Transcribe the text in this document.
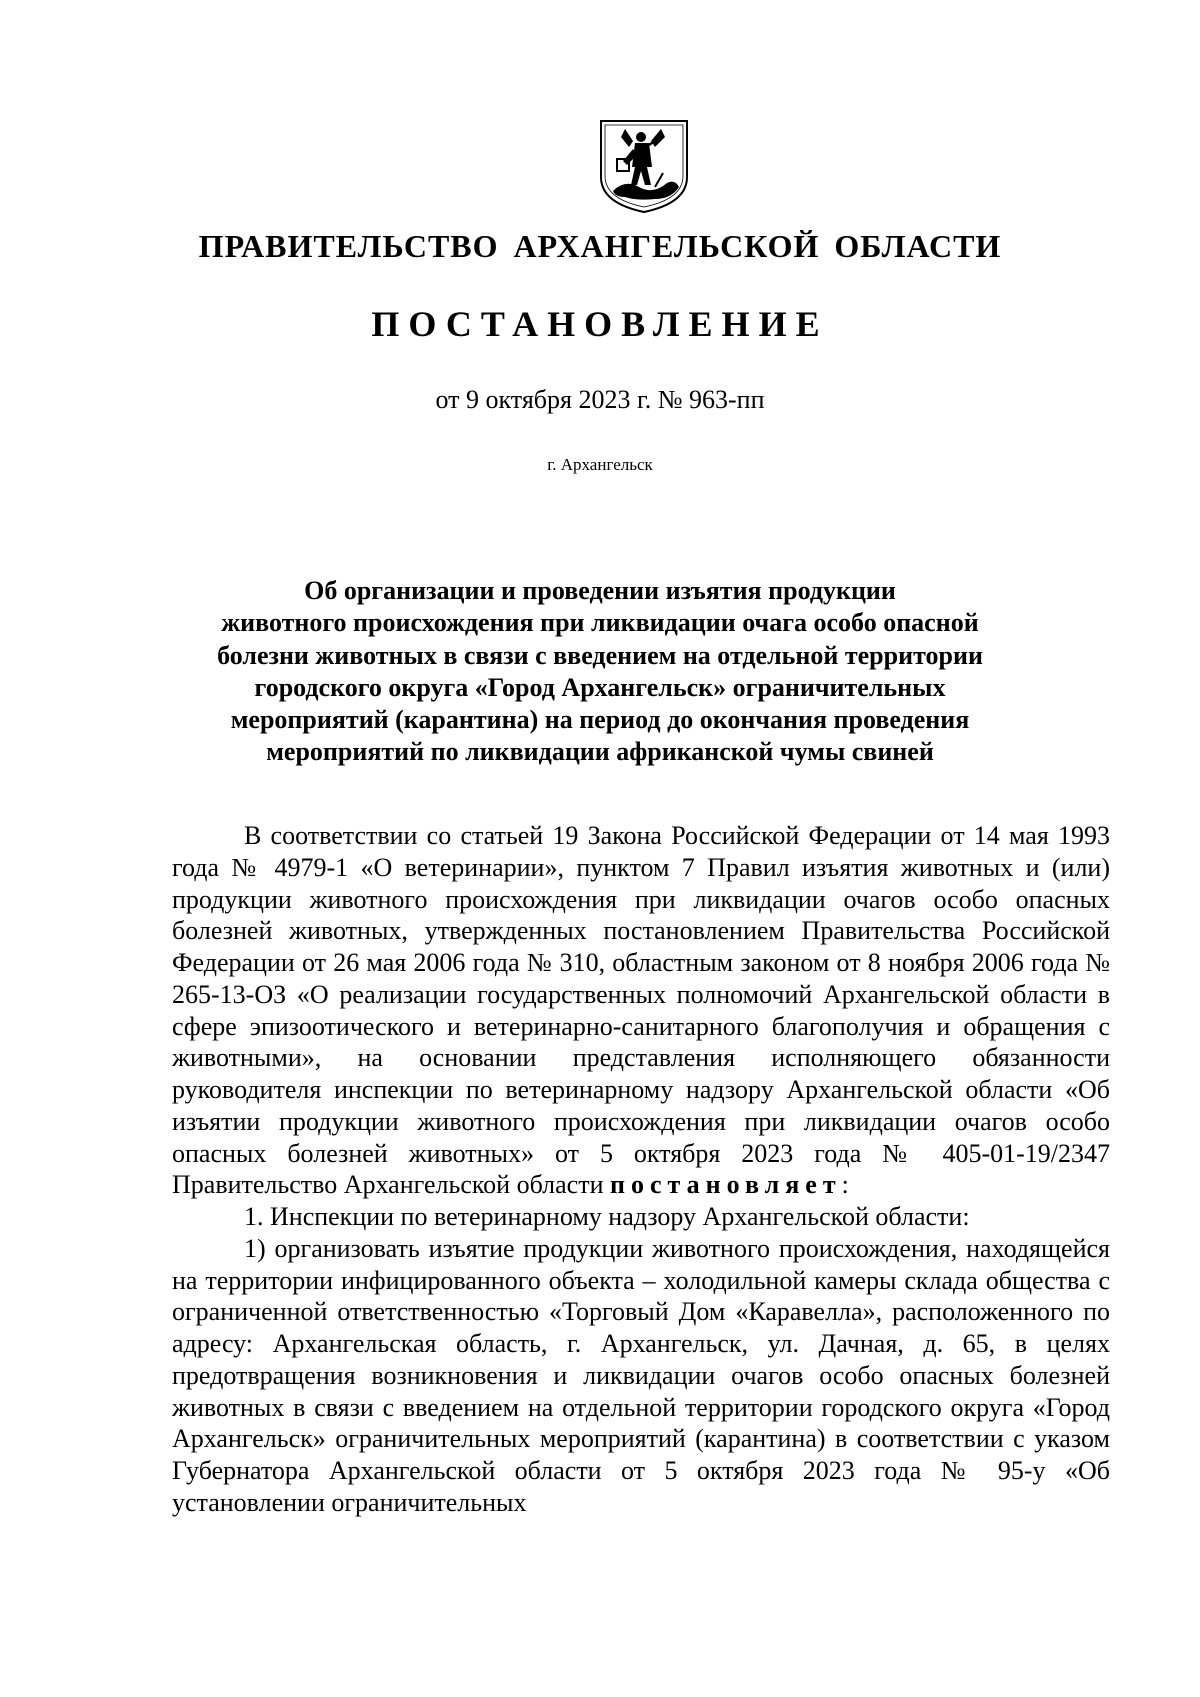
ПРАВИТЕЛЬСТВО АРХАНГЕЛЬСКОЙ ОБЛАСТИ
ПОСТАНОВЛЕНИЕ
от 9 октября 2023 г. № 963-пп
г. Архангельск
Об организации и проведении изъятия продукции
животного происхождения при ликвидации очага особо опасной
болезни животных в связи с введением на отдельной территории
городского округа «Город Архангельск» ограничительных
мероприятий (карантина) на период до окончания проведения
мероприятий по ликвидации африканской чумы свиней

В соответствии со статьей 19 Закона Российской Федерации от 14 мая 1993 года № 4979-1 «О ветеринарии», пунктом 7 Правил изъятия животных и (или) продукции животного происхождения при ликвидации очагов особо опасных болезней животных, утвержденных постановлением Правительства Российской Федерации от 26 мая 2006 года № 310, областным законом от 8 ноября 2006 года № 265-13-ОЗ «О реализации государственных полномочий Архангельской области в сфере эпизоотического и ветеринарно-санитарного благополучия и обращения с животными», на основании представления исполняющего обязанности руководителя инспекции по ветеринарному надзору Архангельской области «Об изъятии продукции животного происхождения при ликвидации очагов особо опасных болезней животных» от 5 октября 2023 года № 405-01-19/2347 Правительство Архангельской области постановляет:

1. Инспекции по ветеринарному надзору Архангельской области:

1) организовать изъятие продукции животного происхождения, находящейся на территории инфицированного объекта – холодильной камеры склада общества с ограниченной ответственностью «Торговый Дом «Каравелла», расположенного по адресу: Архангельская область, г. Архангельск, ул. Дачная, д. 65, в целях предотвращения возникновения и ликвидации очагов особо опасных болезней животных в связи с введением на отдельной территории городского округа «Город Архангельск» ограничительных мероприятий (карантина) в соответствии с указом Губернатора Архангельской области от 5 октября 2023 года № 95-у «Об установлении ограничительных
